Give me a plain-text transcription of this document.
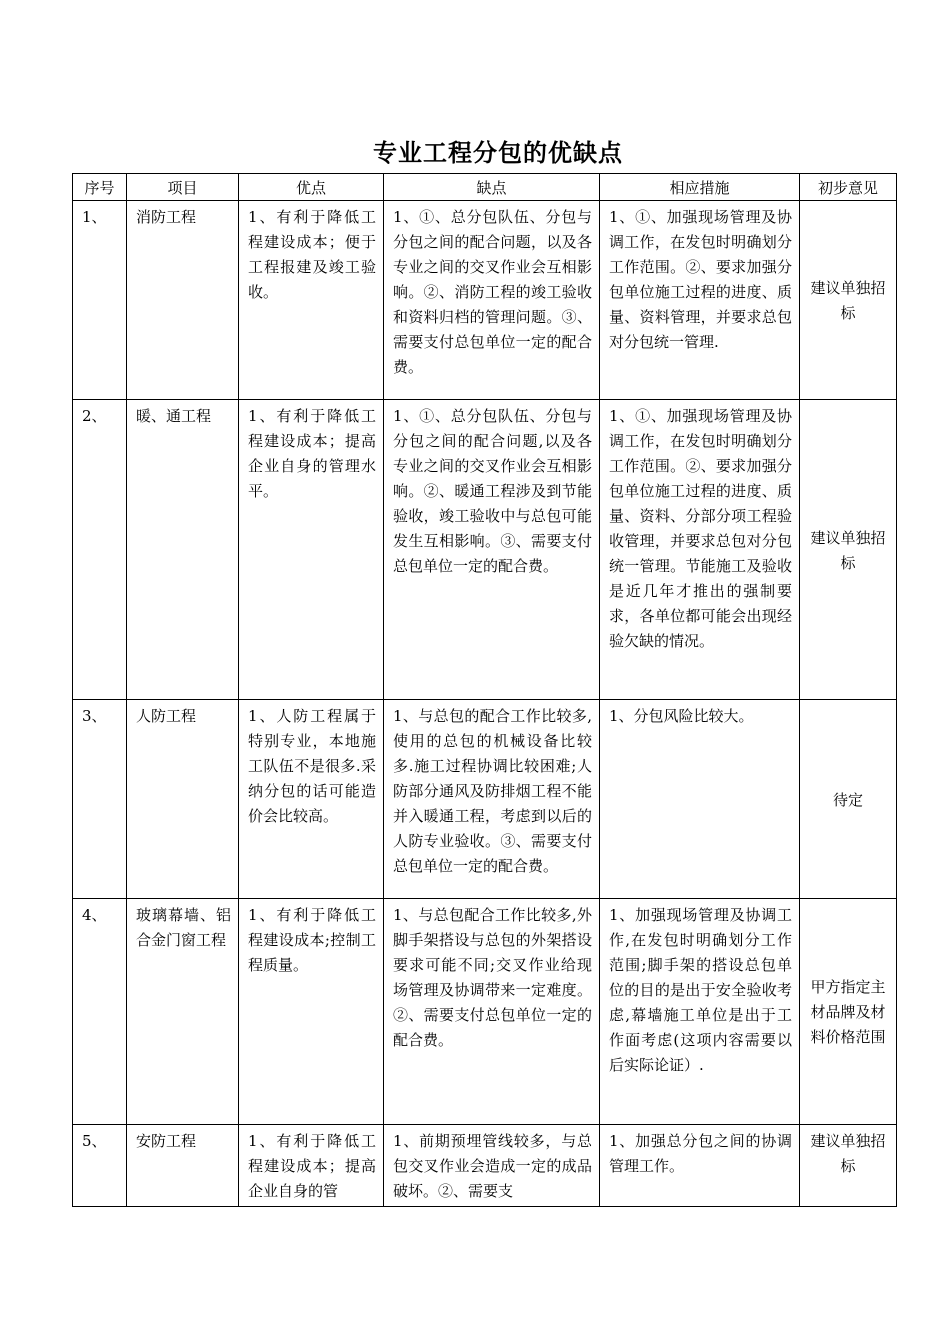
专业工程分包的优缺点
序号	项目	优点	缺点	相应措施	初步意见
1、	消防工程	1、有利于降低工程建设成本；便于工程报建及竣工验收。	1、①、总分包队伍、分包与分包之间的配合问题，以及各专业之间的交叉作业会互相影响。②、消防工程的竣工验收和资料归档的管理问题。③、需要支付总包单位一定的配合费。	1、①、加强现场管理及协调工作，在发包时明确划分工作范围。②、要求加强分包单位施工过程的进度、质量、资料管理，并要求总包对分包统一管理.	建议单独招标
2、	暖、通工程	1、有利于降低工程建设成本；提高企业自身的管理水平。	1、①、总分包队伍、分包与分包之间的配合问题,以及各专业之间的交叉作业会互相影响。②、暖通工程涉及到节能验收，竣工验收中与总包可能发生互相影响。③、需要支付总包单位一定的配合费。	1、①、加强现场管理及协调工作，在发包时明确划分工作范围。②、要求加强分包单位施工过程的进度、质量、资料、分部分项工程验收管理，并要求总包对分包统一管理。节能施工及验收是近几年才推出的强制要求，各单位都可能会出现经验欠缺的情况。	建议单独招标
3、	人防工程	1、人防工程属于特别专业，本地施工队伍不是很多.采纳分包的话可能造价会比较高。	1、与总包的配合工作比较多,使用的总包的机械设备比较多.施工过程协调比较困难;人防部分通风及防排烟工程不能并入暖通工程，考虑到以后的人防专业验收。③、需要支付总包单位一定的配合费。	1、分包风险比较大。	待定
4、	玻璃幕墙、铝合金门窗工程	1、有利于降低工程建设成本;控制工程质量。	1、与总包配合工作比较多,外脚手架搭设与总包的外架搭设要求可能不同;交叉作业给现场管理及协调带来一定难度。②、需要支付总包单位一定的配合费。	1、加强现场管理及协调工作,在发包时明确划分工作范围;脚手架的搭设总包单位的目的是出于安全验收考虑,幕墙施工单位是出于工作面考虑(这项内容需要以后实际论证）.	甲方指定主材品牌及材料价格范围
5、	安防工程	1、有利于降低工程建设成本；提高企业自身的管	1、前期预埋管线较多，与总包交叉作业会造成一定的成品破坏。②、需要支	1、加强总分包之间的协调管理工作。	建议单独招标
